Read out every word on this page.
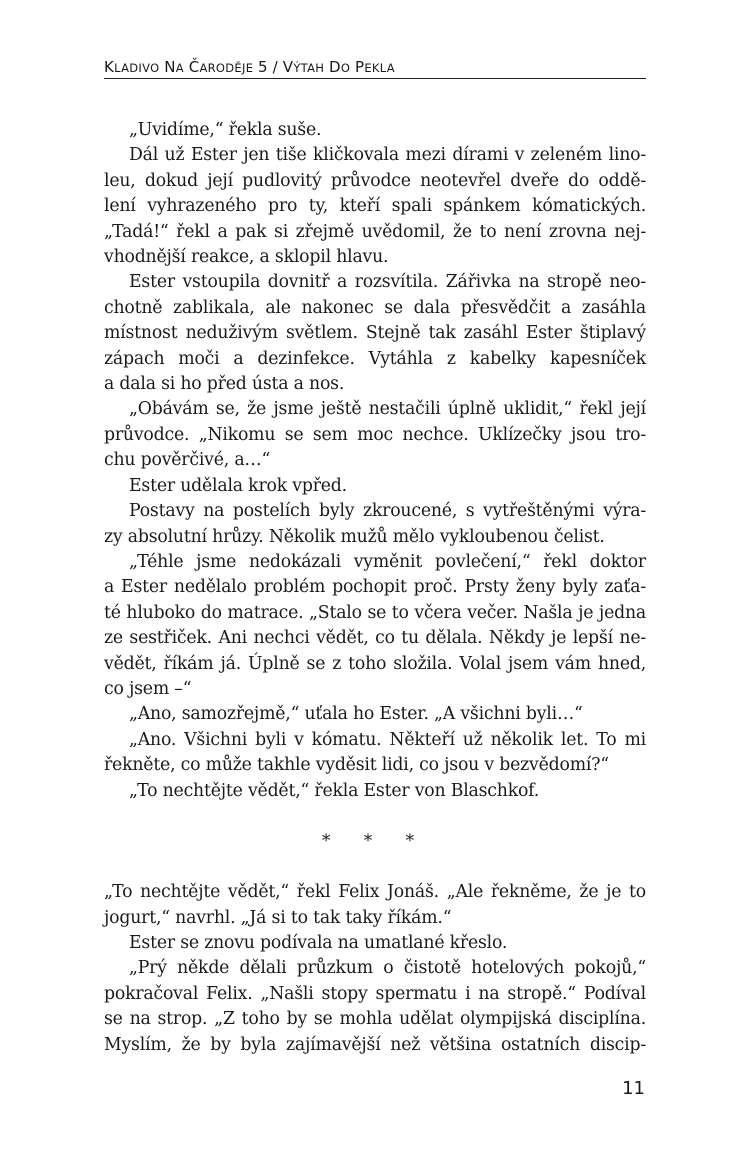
KLADIVO NA ČARODĚJE 5 / VÝTAH DO PEKLA
„Uvidíme,“ řekla suše.
Dál už Ester jen tiše kličkovala mezi dírami v zeleném lino-
leu, dokud její pudlovitý průvodce neotevřel dveře do oddě-
lení vyhrazeného pro ty, kteří spali spánkem kómatických.
„Tadá!“ řekl a pak si zřejmě uvědomil, že to není zrovna nej-
vhodnější reakce, a sklopil hlavu.
Ester vstoupila dovnitř a rozsvítila. Zářivka na stropě neo-
chotně zablikala, ale nakonec se dala přesvědčit a zasáhla
místnost neduživým světlem. Stejně tak zasáhl Ester štiplavý
zápach moči a dezinfekce. Vytáhla z kabelky kapesníček
a dala si ho před ústa a nos.
„Obávám se, že jsme ještě nestačili úplně uklidit,“ řekl její
průvodce. „Nikomu se sem moc nechce. Uklízečky jsou tro-
chu pověrčivé, a…“
Ester udělala krok vpřed.
Postavy na postelích byly zkroucené, s vytřeštěnými výra-
zy absolutní hrůzy. Několik mužů mělo vykloubenou čelist.
„Téhle jsme nedokázali vyměnit povlečení,“ řekl doktor
a Ester nedělalo problém pochopit proč. Prsty ženy byly zaťa-
té hluboko do matrace. „Stalo se to včera večer. Našla je jedna
ze sestřiček. Ani nechci vědět, co tu dělala. Někdy je lepší ne-
vědět, říkám já. Úplně se z toho složila. Volal jsem vám hned,
co jsem –“
„Ano, samozřejmě,“ uťala ho Ester. „A všichni byli…“
„Ano. Všichni byli v kómatu. Někteří už několik let. To mi
řekněte, co může takhle vyděsit lidi, co jsou v bezvědomí?“
„To nechtějte vědět,“ řekla Ester von Blaschkof.
* * *
„To nechtějte vědět,“ řekl Felix Jonáš. „Ale řekněme, že je to
jogurt,“ navrhl. „Já si to tak taky říkám.“
Ester se znovu podívala na umatlané křeslo.
„Prý někde dělali průzkum o čistotě hotelových pokojů,“
pokračoval Felix. „Našli stopy spermatu i na stropě.“ Podíval
se na strop. „Z toho by se mohla udělat olympijská disciplína.
Myslím, že by byla zajímavější než většina ostatních discip-
11
